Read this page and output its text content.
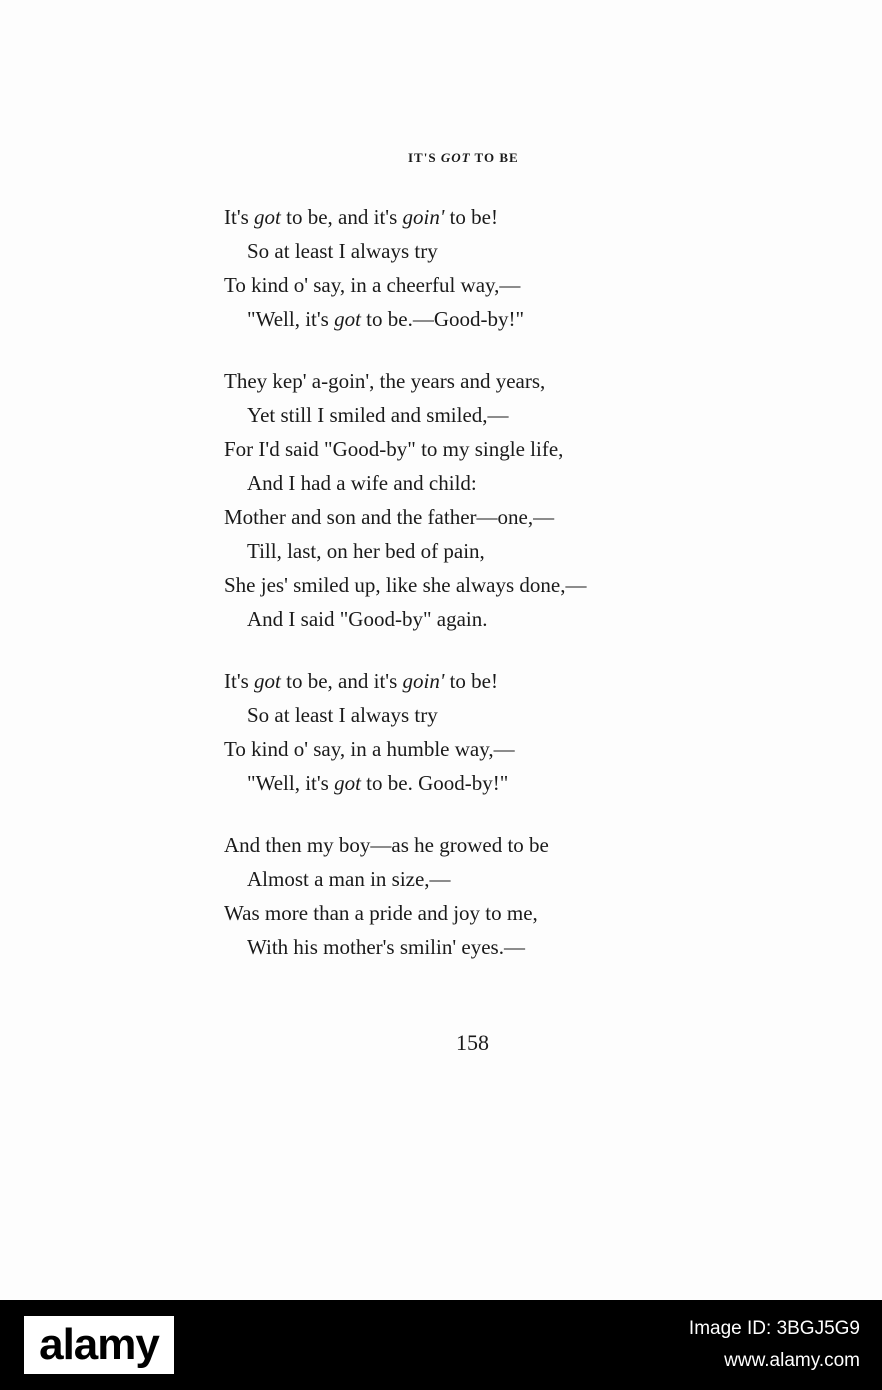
IT'S GOT TO BE
It's got to be, and it's goin' to be!
So at least I always try
To kind o' say, in a cheerful way,—
"Well, it's got to be.—Good-by!"
They kep' a-goin', the years and years,
Yet still I smiled and smiled,—
For I'd said "Good-by" to my single life,
And I had a wife and child:
Mother and son and the father—one,—
Till, last, on her bed of pain,
She jes' smiled up, like she always done,—
And I said "Good-by" again.
It's got to be, and it's goin' to be!
So at least I always try
To kind o' say, in a humble way,—
"Well, it's got to be. Good-by!"
And then my boy—as he growed to be
Almost a man in size,—
Was more than a pride and joy to me,
With his mother's smilin' eyes.—
158
alamy	Image ID: 3BGJ5G9
www.alamy.com
